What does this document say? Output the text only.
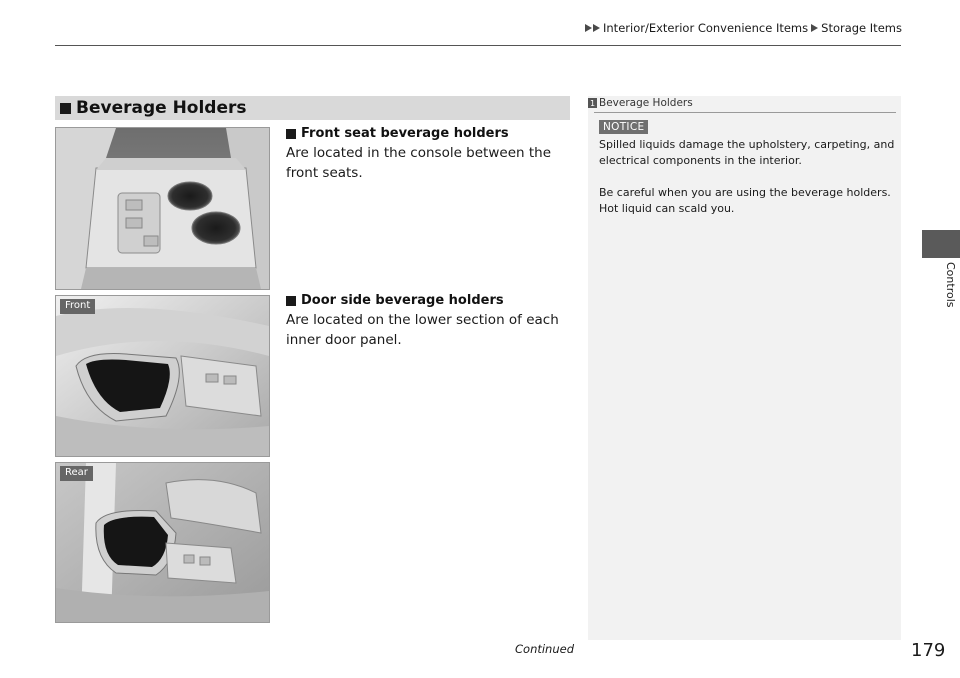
Interior/Exterior Convenience Items Storage Items
Controls
Beverage Holders
Front
Rear
Front seat beverage holders
Are located in the console between the front seats.
Door side beverage holders
Are located on the lower section of each inner door panel.
1 Beverage Holders
NOTICE
Spilled liquids damage the upholstery, carpeting, and electrical components in the interior.
Be careful when you are using the beverage holders. Hot liquid can scald you.
Continued	179
